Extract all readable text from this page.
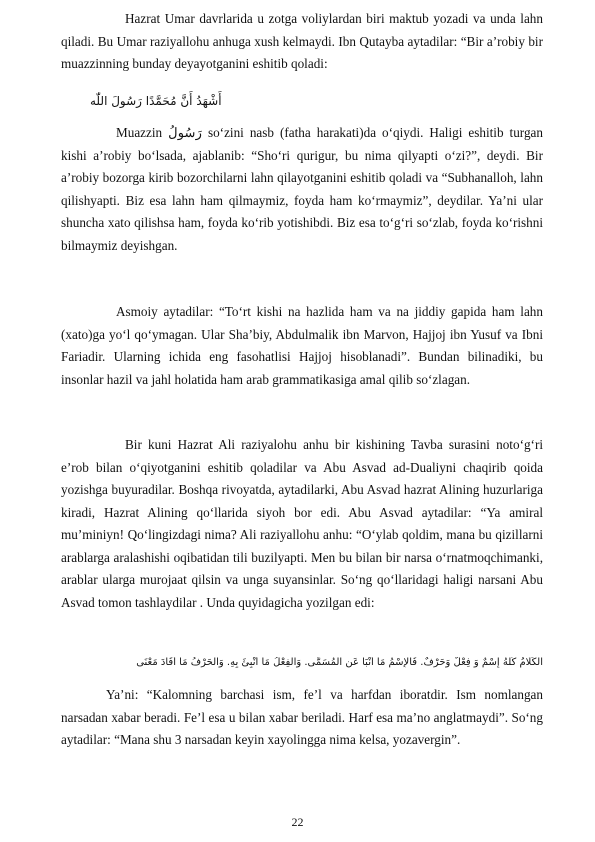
Hazrat Umar davrlarida u zotga voliylardan biri maktub yozadi va unda lahn qiladi. Bu Umar raziyallohu anhuga xush kelmaydi. Ibn Qutayba aytadilar: “Bir a’robiy bir muazzinning bunday deyayotganini eshitib qoladi:

أَشْهَدُ أَنَّ مُحَمَّدًا رَسُولَ اللّٰه

Muazzin رَسُولُ so‘zini nasb (fatha harakati)da o‘qiydi. Haligi eshitib turgan kishi a’robiy bo‘lsada, ajablanib: “Sho‘ri qurigur, bu nima qilyapti o‘zi?”, deydi. Bir a’robiy bozorga kirib bozorchilarni lahn qilayotganini eshitib qoladi va “Subhanalloh, lahn qilishyapti. Biz esa lahn ham qilmaymiz, foyda ham ko‘rmaymiz”, deydilar. Ya’ni ular shuncha xato qilishsa ham, foyda ko‘rib yotishibdi. Biz esa to‘g‘ri so‘zlab, foyda ko‘rishni bilmaymiz deyishgan.

Asmoiy aytadilar: “To‘rt kishi na hazlida ham va na jiddiy gapida ham lahn (xato)ga yo‘l qo‘ymagan. Ular Sha’biy, Abdulmalik ibn Marvon, Hajjoj ibn Yusuf va Ibni Fariadir. Ularning ichida eng fasohatlisi Hajjoj hisoblanadi”. Bundan bilinadiki, bu insonlar hazil va jahl holatida ham arab grammatikasiga amal qilib so‘zlagan.

Bir kuni Hazrat Ali raziyalohu anhu bir kishining Tavba surasini noto‘g‘ri e’rob bilan o‘qiyotganini eshitib qoladilar va Abu Asvad ad-Dualiyni chaqirib qoida yozishga buyuradilar. Boshqa rivoyatda, aytadilarki, Abu Asvad hazrat Alining huzurlariga kiradi, Hazrat Alining qo‘llarida siyoh bor edi. Abu Asvad aytadilar: “Ya amiral mu’miniyn! Qo‘lingizdagi nima? Ali raziyallohu anhu: “O‘ylab qoldim, mana bu qizillarni arablarga aralashishi oqibatidan tili buzilyapti. Men bu bilan bir narsa o‘rnatmoqchimanki, arablar ularga murojaat qilsin va unga suyansinlar. So‘ng qo‘llaridagi haligi narsani Abu Asvad tomon tashlaydilar . Unda quyidagicha yozilgan edi:

الكَلَامُ كُلُّهُ إِسْمٌ وَ فِعْلٌ وَحَرْفٌ. فَالإِسْمُ مَا أَنْبَأَ عَنِ المُسَمَّى. وَالفِعْلُ مَا أُنْبِئَ بِهِ. وَالحَرْفُ مَا أَفَادَ مَعْنَى

Ya’ni: “Kalomning barchasi ism, fe’l va harfdan iboratdir. Ism nomlangan narsadan xabar beradi. Fe’l esa u bilan xabar beriladi. Harf esa ma’no anglatmaydi”. So‘ng aytadilar: “Mana shu 3 narsadan keyin xayolingga nima kelsa, yozavergin”.

22
